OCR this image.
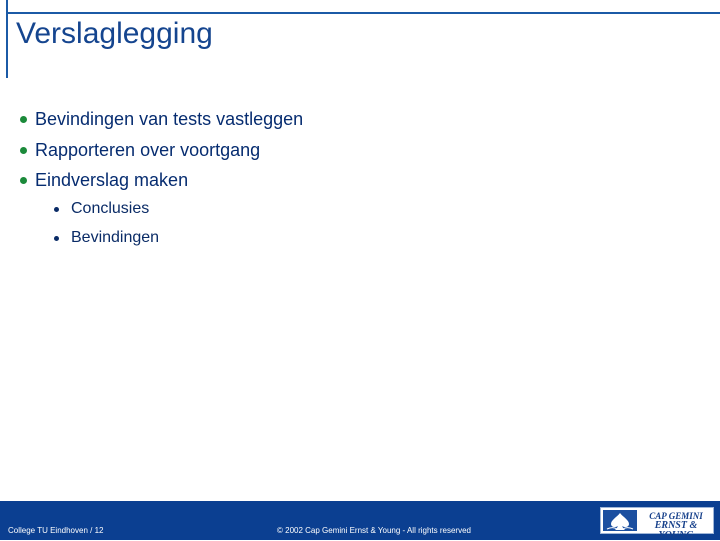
Verslaglegging
Bevindingen van tests vastleggen
Rapporteren over voortgang
Eindverslag maken
Conclusies
Bevindingen
College TU Eindhoven / 12	© 2002 Cap Gemini Ernst & Young - All rights reserved
CAP GEMINI
ERNST & YOUNG
